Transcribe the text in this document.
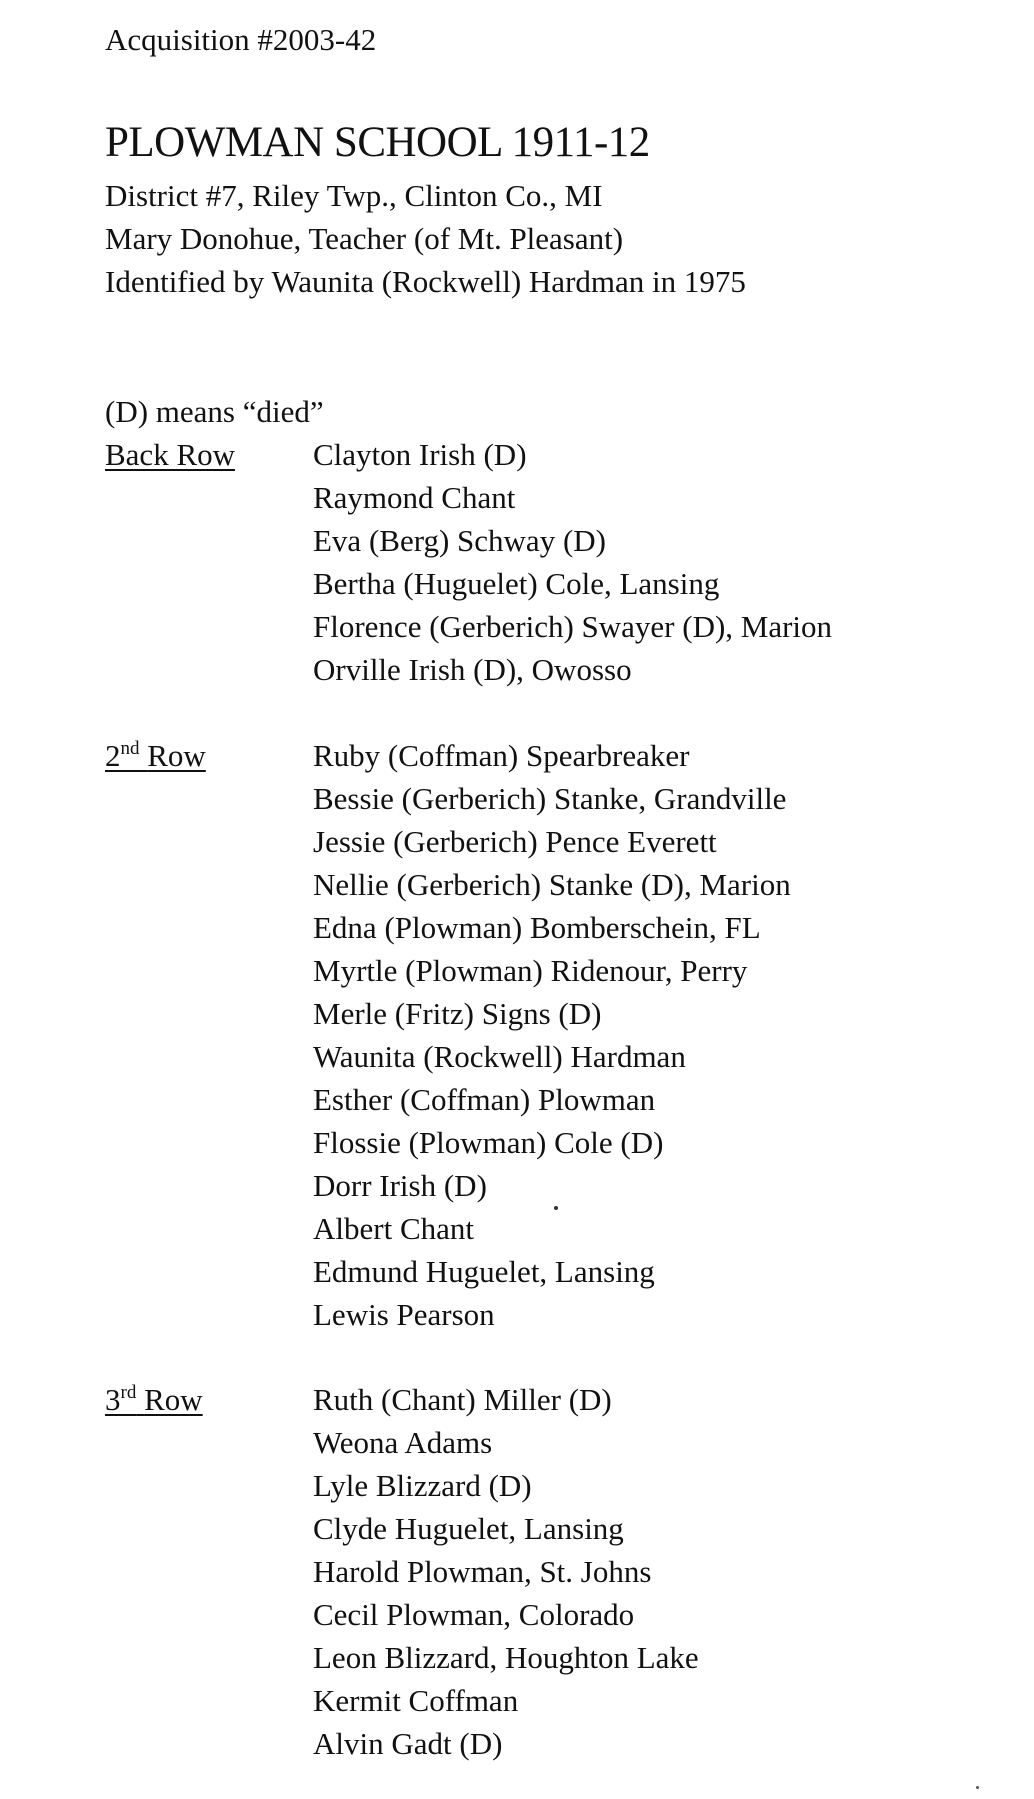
Acquisition #2003-42
PLOWMAN SCHOOL 1911-12
District #7, Riley Twp., Clinton Co., MI
Mary Donohue, Teacher (of Mt. Pleasant)
Identified by Waunita (Rockwell) Hardman in 1975
(D) means “died”
Back Row	Clayton Irish (D)
Raymond Chant
Eva (Berg) Schway (D)
Bertha (Huguelet) Cole, Lansing
Florence (Gerberich) Swayer (D), Marion
Orville Irish (D), Owosso
2nd Row	Ruby (Coffman) Spearbreaker
Bessie (Gerberich) Stanke, Grandville
Jessie (Gerberich) Pence Everett
Nellie (Gerberich) Stanke (D), Marion
Edna (Plowman) Bomberschein, FL
Myrtle (Plowman) Ridenour, Perry
Merle (Fritz) Signs (D)
Waunita (Rockwell) Hardman
Esther (Coffman) Plowman
Flossie (Plowman) Cole (D)
Dorr Irish (D)
Albert Chant
Edmund Huguelet, Lansing
Lewis Pearson
3rd Row	Ruth (Chant) Miller (D)
Weona Adams
Lyle Blizzard (D)
Clyde Huguelet, Lansing
Harold Plowman, St. Johns
Cecil Plowman, Colorado
Leon Blizzard, Houghton Lake
Kermit Coffman
Alvin Gadt (D)
